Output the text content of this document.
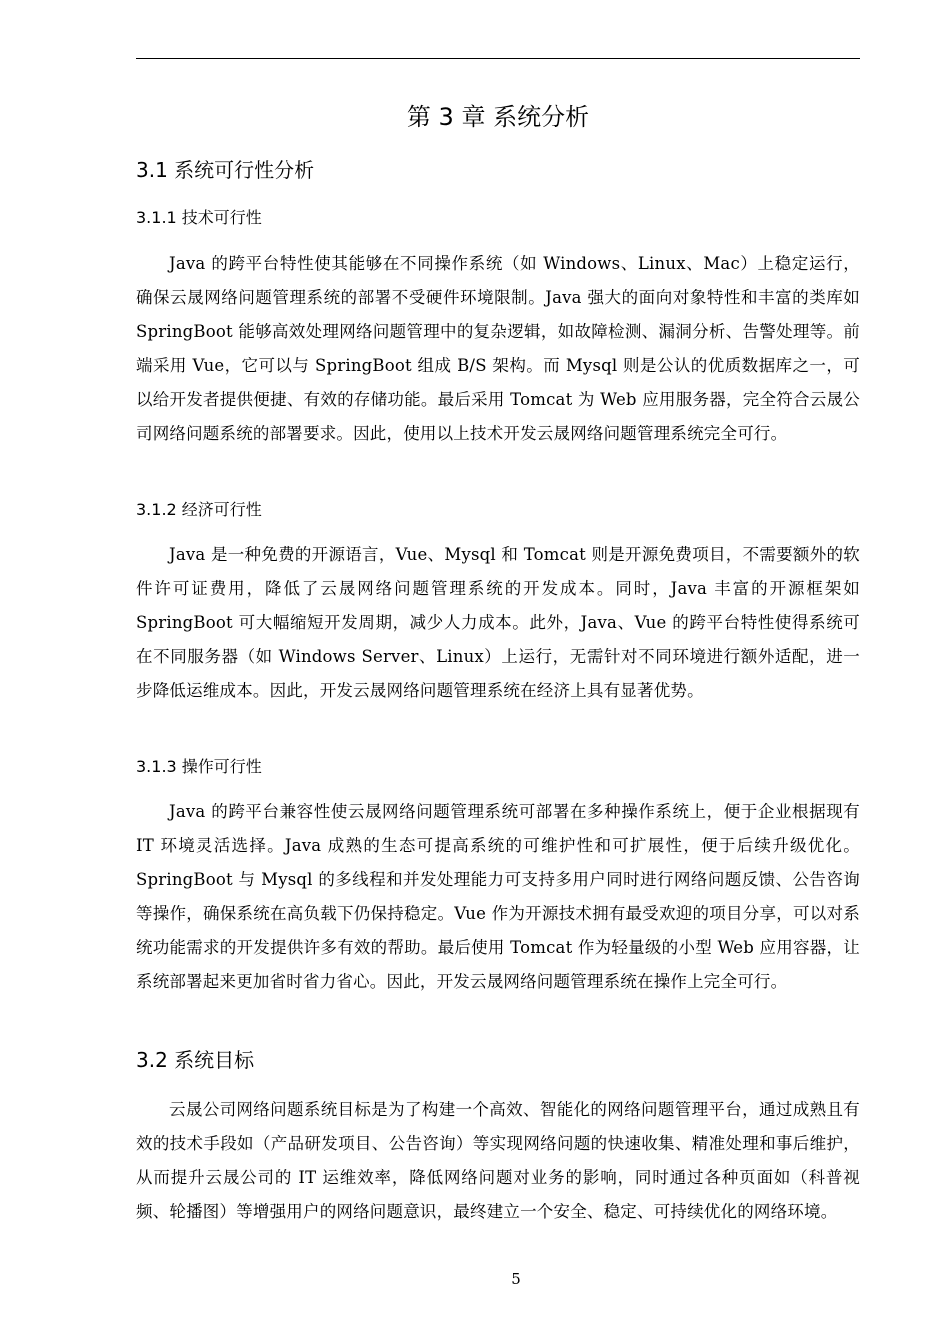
第 3 章 系统分析
3.1 系统可行性分析
3.1.1 技术可行性

Java 的跨平台特性使其能够在不同操作系统（如 Windows、Linux、Mac）上稳定运行，确保云晟网络问题管理系统的部署不受硬件环境限制。Java 强大的面向对象特性和丰富的类库如 SpringBoot 能够高效处理网络问题管理中的复杂逻辑，如故障检测、漏洞分析、告警处理等。前端采用 Vue，它可以与 SpringBoot 组成 B/S 架构。而 Mysql 则是公认的优质数据库之一，可以给开发者提供便捷、有效的存储功能。最后采用 Tomcat 为 Web 应用服务器，完全符合云晟公司网络问题系统的部署要求。因此，使用以上技术开发云晟网络问题管理系统完全可行。

3.1.2 经济可行性

Java 是一种免费的开源语言，Vue、Mysql 和 Tomcat 则是开源免费项目，不需要额外的软件许可证费用，降低了云晟网络问题管理系统的开发成本。同时，Java 丰富的开源框架如 SpringBoot 可大幅缩短开发周期，减少人力成本。此外，Java、Vue 的跨平台特性使得系统可在不同服务器（如 Windows Server、Linux）上运行，无需针对不同环境进行额外适配，进一步降低运维成本。因此，开发云晟网络问题管理系统在经济上具有显著优势。

3.1.3 操作可行性

Java 的跨平台兼容性使云晟网络问题管理系统可部署在多种操作系统上，便于企业根据现有 IT 环境灵活选择。Java 成熟的生态可提高系统的可维护性和可扩展性，便于后续升级优化。SpringBoot 与 Mysql 的多线程和并发处理能力可支持多用户同时进行网络问题反馈、公告咨询等操作，确保系统在高负载下仍保持稳定。Vue 作为开源技术拥有最受欢迎的项目分享，可以对系统功能需求的开发提供许多有效的帮助。最后使用 Tomcat 作为轻量级的小型 Web 应用容器，让系统部署起来更加省时省力省心。因此，开发云晟网络问题管理系统在操作上完全可行。

3.2 系统目标

云晟公司网络问题系统目标是为了构建一个高效、智能化的网络问题管理平台，通过成熟且有效的技术手段如（产品研发项目、公告咨询）等实现网络问题的快速收集、精准处理和事后维护，从而提升云晟公司的 IT 运维效率，降低网络问题对业务的影响，同时通过各种页面如（科普视频、轮播图）等增强用户的网络问题意识，最终建立一个安全、稳定、可持续优化的网络环境。

5
